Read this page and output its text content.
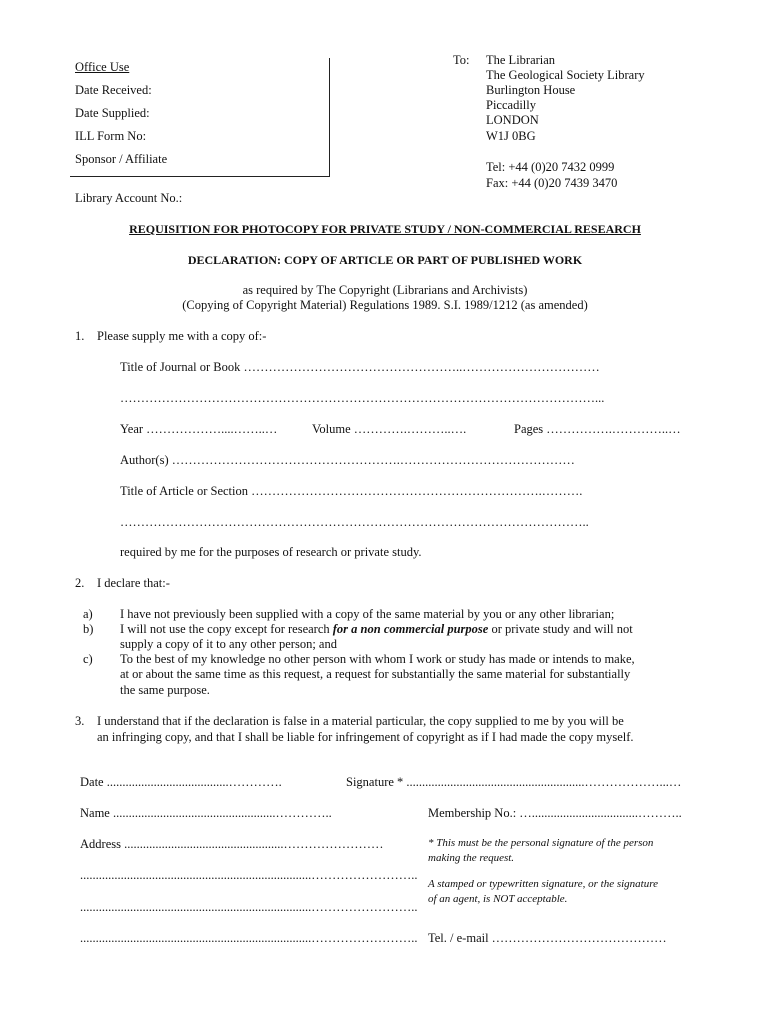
Office Use
Date Received:
Date Supplied:
ILL Form No:
Sponsor / Affiliate
Library Account No.:
To: The Librarian
The Geological Society Library
Burlington House
Piccadilly
LONDON
W1J 0BG
Tel: +44 (0)20 7432 0999
Fax: +44 (0)20 7439 3470
REQUISITION FOR PHOTOCOPY FOR PRIVATE STUDY / NON-COMMERCIAL RESEARCH
DECLARATION: COPY OF ARTICLE OR PART OF PUBLISHED WORK
as required by The Copyright (Librarians and Archivists)
(Copying of Copyright Material) Regulations 1989. S.I. 1989/1212 (as amended)
1. Please supply me with a copy of:-
Title of Journal or Book ……………………………………………..……………………………
……………………………………………………………………………………………………...
Year ………………....……..…	Volume ………….………..….	Pages …………….…………..…
Author(s) ……………………………………………….……………………………………
Title of Article or Section …………………………………………………………….……….
…………………………………………………………………………………………………..
required by me for the purposes of research or private study.
2. I declare that:-
a) I have not previously been supplied with a copy of the same material by you or any other librarian;
b) I will not use the copy except for research for a non commercial purpose or private study and will not
supply a copy of it to any other person; and
c) To the best of my knowledge no other person with whom I work or study has made or intends to make,
at or about the same time as this request, a request for substantially the same material for substantially
the same purpose.
3. I understand that if the declaration is false in a material particular, the copy supplied to me by you will be
an infringing copy, and that I shall be liable for infringement of copyright as if I had made the copy myself.
Date .......................................………….	Signature * .........................................................………………...…
Name ....................................................…………..	Membership No.: …..................................………..
Address ...................................................……………………
..........................................................................……………………..
..........................................................................……………………..
..........................................................................…………………….. Tel. / e-mail ……………………………………
* This must be the personal signature of the person
making the request.
A stamped or typewritten signature, or the signature
of an agent, is NOT acceptable.
